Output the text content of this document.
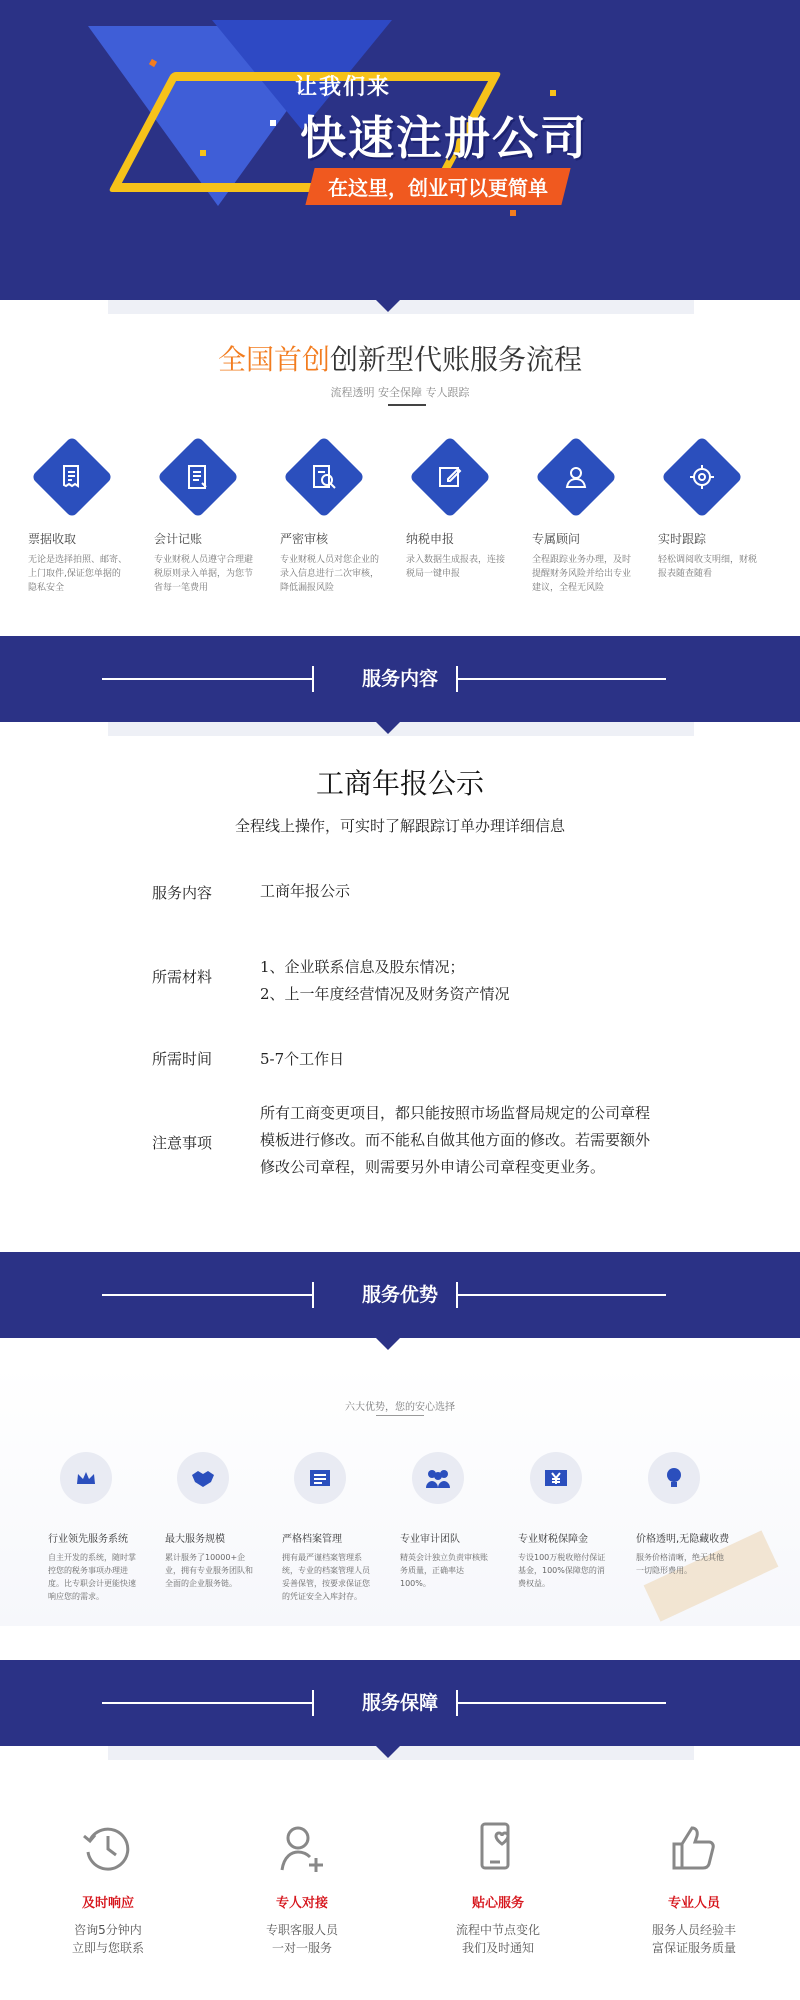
让我们来
快速注册公司
在这里，创业可以更简单
全国首创创新型代账服务流程
流程透明 安全保障 专人跟踪
票据收取
无论是选择拍照、邮寄、上门取件,保证您单据的隐私安全
会计记账
专业财税人员遵守合理避税原则录入单据，为您节省每一笔费用
严密审核
专业财税人员对您企业的录入信息进行二次审核，降低漏报风险
纳税申报
录入数据生成报表，连接税局一键申报
专属顾问
全程跟踪业务办理，及时提醒财务风险并给出专业建议，全程无风险
实时跟踪
轻松调阅收支明细，财税报表随查随看
服务内容
工商年报公示
全程线上操作，可实时了解跟踪订单办理详细信息
服务内容	工商年报公示
所需材料
1、企业联系信息及股东情况；
2、上一年度经营情况及财务资产情况
所需时间	5-7个工作日
注意事项
所有工商变更项目，都只能按照市场监督局规定的公司章程模板进行修改。而不能私自做其他方面的修改。若需要额外修改公司章程，则需要另外申请公司章程变更业务。
服务优势
六大优势，您的安心选择
行业领先服务系统
自主开发的系统，随时掌控您的税务事项办理进度。比专职会计更能快速响应您的需求。
最大服务规模
累计服务了10000+企业，拥有专业服务团队和全面的企业服务链。
严格档案管理
拥有最严谨档案管理系统，专业的档案管理人员妥善保管，按要求保证您的凭证安全入库封存。
专业审计团队
精英会计独立负责审核账务质量，正确率达100%。
专业财税保障金
专设100万税收赔付保证基金，100%保障您的消费权益。
价格透明,无隐藏收费
服务价格清晰，绝无其他一切隐形费用。
服务保障
及时响应
咨询5分钟内
立即与您联系
专人对接
专职客服人员
一对一服务
贴心服务
流程中节点变化
我们及时通知
专业人员
服务人员经验丰
富保证服务质量
